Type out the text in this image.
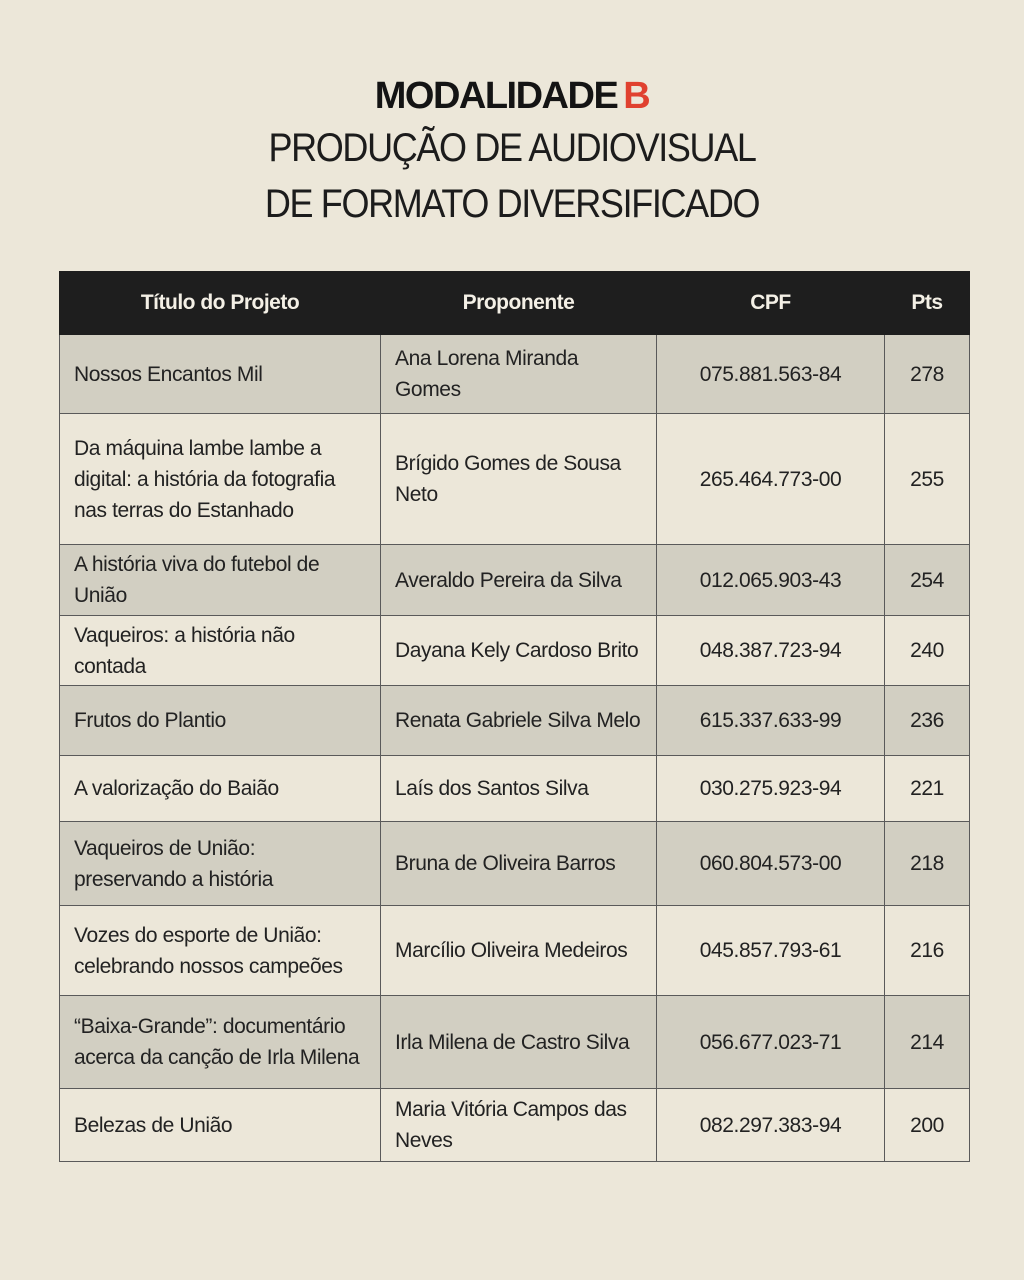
MODALIDADE B
PRODUÇÃO DE AUDIOVISUAL
DE FORMATO DIVERSIFICADO
Título do Projeto	Proponente	CPF	Pts
Nossos Encantos Mil	Ana Lorena Miranda Gomes	075.881.563-84	278
Da máquina lambe lambe a digital: a história da fotografia nas terras do Estanhado	Brígido Gomes de Sousa Neto	265.464.773-00	255
A história viva do futebol de União	Averaldo Pereira da Silva	012.065.903-43	254
Vaqueiros: a história não contada	Dayana Kely Cardoso Brito	048.387.723-94	240
Frutos do Plantio	Renata Gabriele Silva Melo	615.337.633-99	236
A valorização do Baião	Laís dos Santos Silva	030.275.923-94	221
Vaqueiros de União: preservando a história	Bruna de Oliveira Barros	060.804.573-00	218
Vozes do esporte de União: celebrando nossos campeões	Marcílio Oliveira Medeiros	045.857.793-61	216
“Baixa-Grande”: documentário acerca da canção de Irla Milena	Irla Milena de Castro Silva	056.677.023-71	214
Belezas de União	Maria Vitória Campos das Neves	082.297.383-94	200
